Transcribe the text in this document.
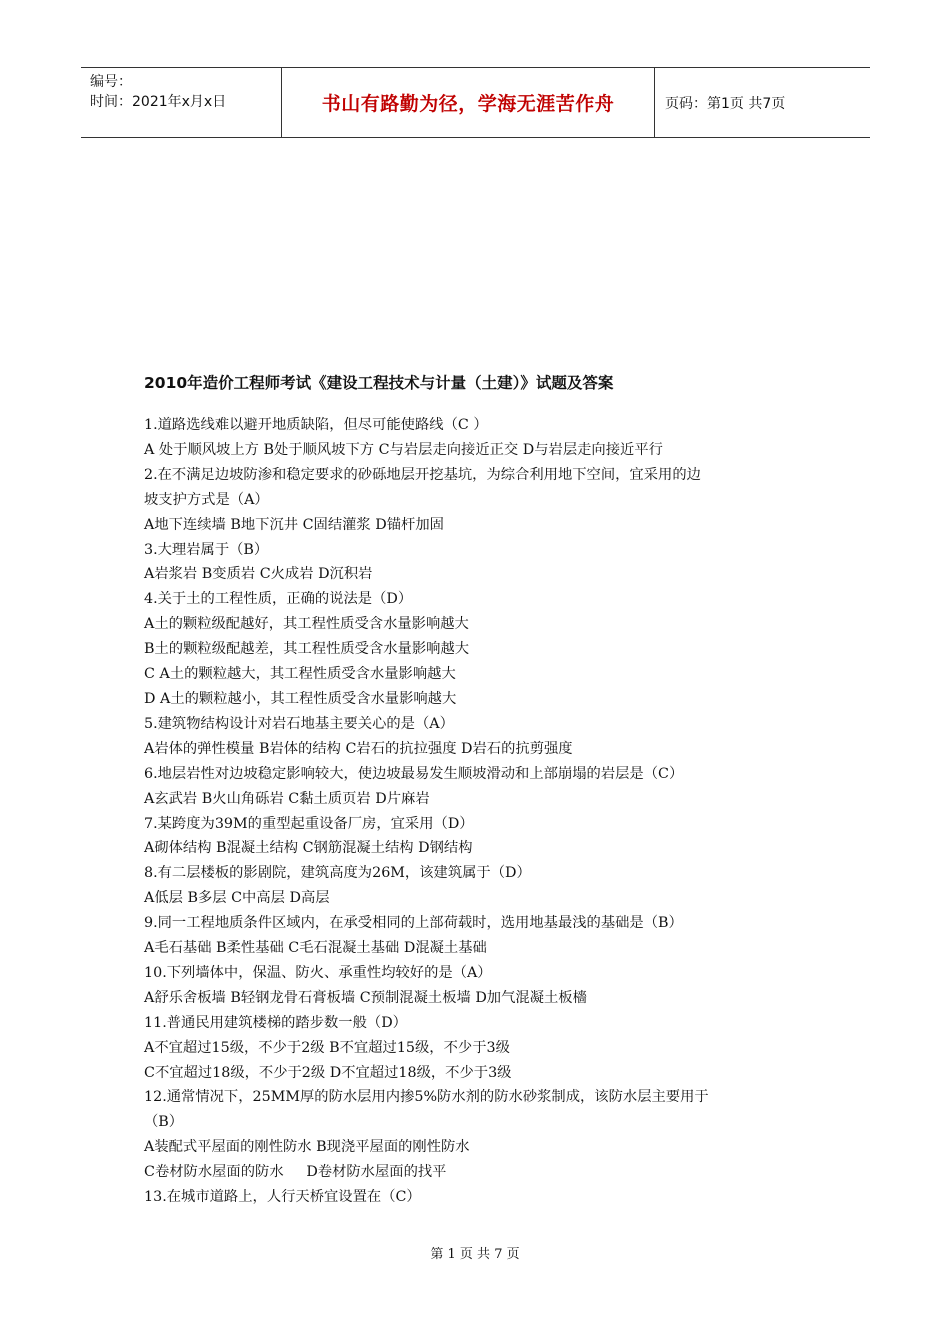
编号：
时间：2021年x月x日	书山有路勤为径，学海无涯苦作舟	页码：第1页 共7页
2010年造价工程师考试《建设工程技术与计量（土建）》试题及答案
1.道路选线难以避开地质缺陷，但尽可能使路线（C ）
A 处于顺风坡上方 B处于顺风坡下方 C与岩层走向接近正交 D与岩层走向接近平行
2.在不满足边坡防渗和稳定要求的砂砾地层开挖基坑，为综合利用地下空间，宜采用的边
坡支护方式是（A）
A地下连续墙 B地下沉井 C固结灌浆 D锚杆加固
3.大理岩属于（B）
A岩浆岩 B变质岩 C火成岩 D沉积岩
4.关于土的工程性质，正确的说法是（D）
A土的颗粒级配越好，其工程性质受含水量影响越大
B土的颗粒级配越差，其工程性质受含水量影响越大
C A土的颗粒越大，其工程性质受含水量影响越大
D A土的颗粒越小，其工程性质受含水量影响越大
5.建筑物结构设计对岩石地基主要关心的是（A）
A岩体的弹性模量 B岩体的结构 C岩石的抗拉强度 D岩石的抗剪强度
6.地层岩性对边坡稳定影响较大，使边坡最易发生顺坡滑动和上部崩塌的岩层是（C）
A玄武岩 B火山角砾岩 C黏土质页岩 D片麻岩
7.某跨度为39M的重型起重设备厂房，宜采用（D）
A砌体结构 B混凝土结构 C钢筋混凝土结构 D钢结构
8.有二层楼板的影剧院，建筑高度为26M，该建筑属于（D）
A低层 B多层 C中高层 D高层
9.同一工程地质条件区域内，在承受相同的上部荷载时，选用地基最浅的基础是（B）
A毛石基础 B柔性基础 C毛石混凝土基础 D混凝土基础
10.下列墙体中，保温、防火、承重性均较好的是（A）
A舒乐舍板墙 B轻钢龙骨石膏板墙 C预制混凝土板墙 D加气混凝土板檣
11.普通民用建筑楼梯的踏步数一般（D）
A不宜超过15级，不少于2级 B不宜超过15级，不少于3级
C不宜超过18级，不少于2级 D不宜超过18级，不少于3级
12.通常情况下，25MM厚的防水层用内掺5%防水剂的防水砂浆制成，该防水层主要用于
（B）
A装配式平屋面的刚性防水 B现浇平屋面的刚性防水
C卷材防水屋面的防水     D卷材防水屋面的找平
13.在城市道路上，人行天桥宜设置在（C）
第 1 页 共 7 页
